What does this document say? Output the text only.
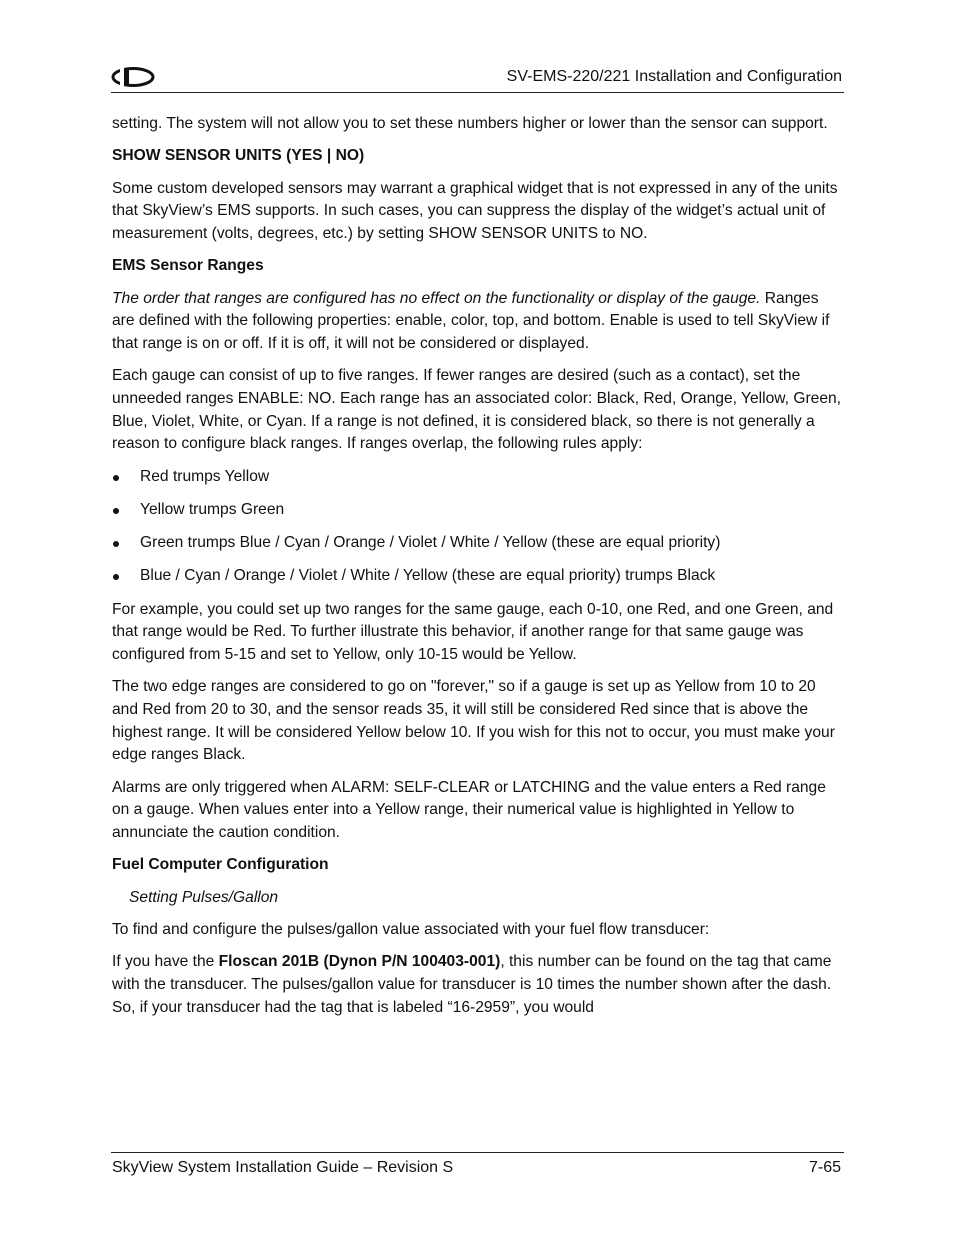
SV-EMS-220/221 Installation and Configuration

setting. The system will not allow you to set these numbers higher or lower than the sensor can support.

SHOW SENSOR UNITS (YES | NO)

Some custom developed sensors may warrant a graphical widget that is not expressed in any of the units that SkyView’s EMS supports. In such cases, you can suppress the display of the widget’s actual unit of measurement (volts, degrees, etc.) by setting SHOW SENSOR UNITS to NO.

EMS Sensor Ranges

The order that ranges are configured has no effect on the functionality or display of the gauge. Ranges are defined with the following properties: enable, color, top, and bottom. Enable is used to tell SkyView if that range is on or off. If it is off, it will not be considered or displayed.

Each gauge can consist of up to five ranges. If fewer ranges are desired (such as a contact), set the unneeded ranges ENABLE: NO. Each range has an associated color: Black, Red, Orange, Yellow, Green, Blue, Violet, White, or Cyan. If a range is not defined, it is considered black, so there is not generally a reason to configure black ranges. If ranges overlap, the following rules apply:

Red trumps Yellow
Yellow trumps Green
Green trumps Blue / Cyan / Orange / Violet / White / Yellow (these are equal priority)
Blue / Cyan / Orange / Violet / White / Yellow (these are equal priority) trumps Black

For example, you could set up two ranges for the same gauge, each 0-10, one Red, and one Green, and that range would be Red. To further illustrate this behavior, if another range for that same gauge was configured from 5-15 and set to Yellow, only 10-15 would be Yellow.

The two edge ranges are considered to go on "forever," so if a gauge is set up as Yellow from 10 to 20 and Red from 20 to 30, and the sensor reads 35, it will still be considered Red since that is above the highest range. It will be considered Yellow below 10. If you wish for this not to occur, you must make your edge ranges Black.

Alarms are only triggered when ALARM: SELF-CLEAR or LATCHING and the value enters a Red range on a gauge. When values enter into a Yellow range, their numerical value is highlighted in Yellow to annunciate the caution condition.

Fuel Computer Configuration

Setting Pulses/Gallon

To find and configure the pulses/gallon value associated with your fuel flow transducer:

If you have the Floscan 201B (Dynon P/N 100403-001), this number can be found on the tag that came with the transducer. The pulses/gallon value for transducer is 10 times the number shown after the dash. So, if your transducer had the tag that is labeled “16-2959”, you would

SkyView System Installation Guide – Revision S	7-65
